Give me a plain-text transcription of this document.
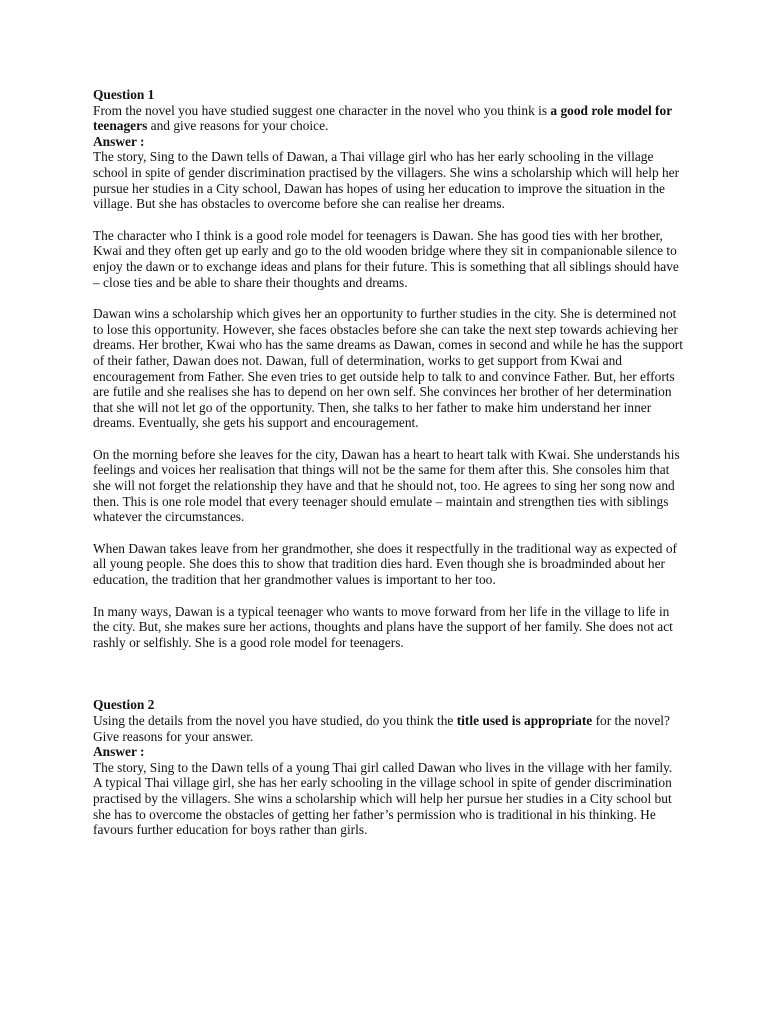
Question 1

From the novel you have studied suggest one character in the novel who you think is a good role model for teenagers and give reasons for your choice.

Answer :

The story, Sing to the Dawn tells of Dawan, a Thai village girl who has her early schooling in the village school in spite of gender discrimination practised by the villagers. She wins a scholarship which will help her pursue her studies in a City school, Dawan has hopes of using her education to improve the situation in the village. But she has obstacles to overcome before she can realise her dreams.

The character who I think is a good role model for teenagers is Dawan. She has good ties with her brother, Kwai and they often get up early and go to the old wooden bridge where they sit in companionable silence to enjoy the dawn or to exchange ideas and plans for their future. This is something that all siblings should have – close ties and be able to share their thoughts and dreams.

Dawan wins a scholarship which gives her an opportunity to further studies in the city. She is determined not to lose this opportunity. However, she faces obstacles before she can take the next step towards achieving her dreams. Her brother, Kwai who has the same dreams as Dawan, comes in second and while he has the support of their father, Dawan does not. Dawan, full of determination, works to get support from Kwai and encouragement from Father. She even tries to get outside help to talk to and convince Father. But, her efforts are futile and she realises she has to depend on her own self. She convinces her brother of her determination that she will not let go of the opportunity. Then, she talks to her father to make him understand her inner dreams. Eventually, she gets his support and encouragement.

On the morning before she leaves for the city, Dawan has a heart to heart talk with Kwai. She understands his feelings and voices her realisation that things will not be the same for them after this. She consoles him that she will not forget the relationship they have and that he should not, too. He agrees to sing her song now and then. This is one role model that every teenager should emulate – maintain and strengthen ties with siblings whatever the circumstances.

When Dawan takes leave from her grandmother, she does it respectfully in the traditional way as expected of all young people. She does this to show that tradition dies hard. Even though she is broadminded about her education, the tradition that her grandmother values is important to her too.

In many ways, Dawan is a typical teenager who wants to move forward from her life in the village to life in the city. But, she makes sure her actions, thoughts and plans have the support of her family. She does not act rashly or selfishly. She is a good role model for teenagers.

Question 2

Using the details from the novel you have studied, do you think the title used is appropriate for the novel? Give reasons for your answer.

Answer :

The story, Sing to the Dawn tells of a young Thai girl called Dawan who lives in the village with her family. A typical Thai village girl, she has her early schooling in the village school in spite of gender discrimination practised by the villagers. She wins a scholarship which will help her pursue her studies in a City school but she has to overcome the obstacles of getting her father’s permission who is traditional in his thinking. He favours further education for boys rather than girls.
